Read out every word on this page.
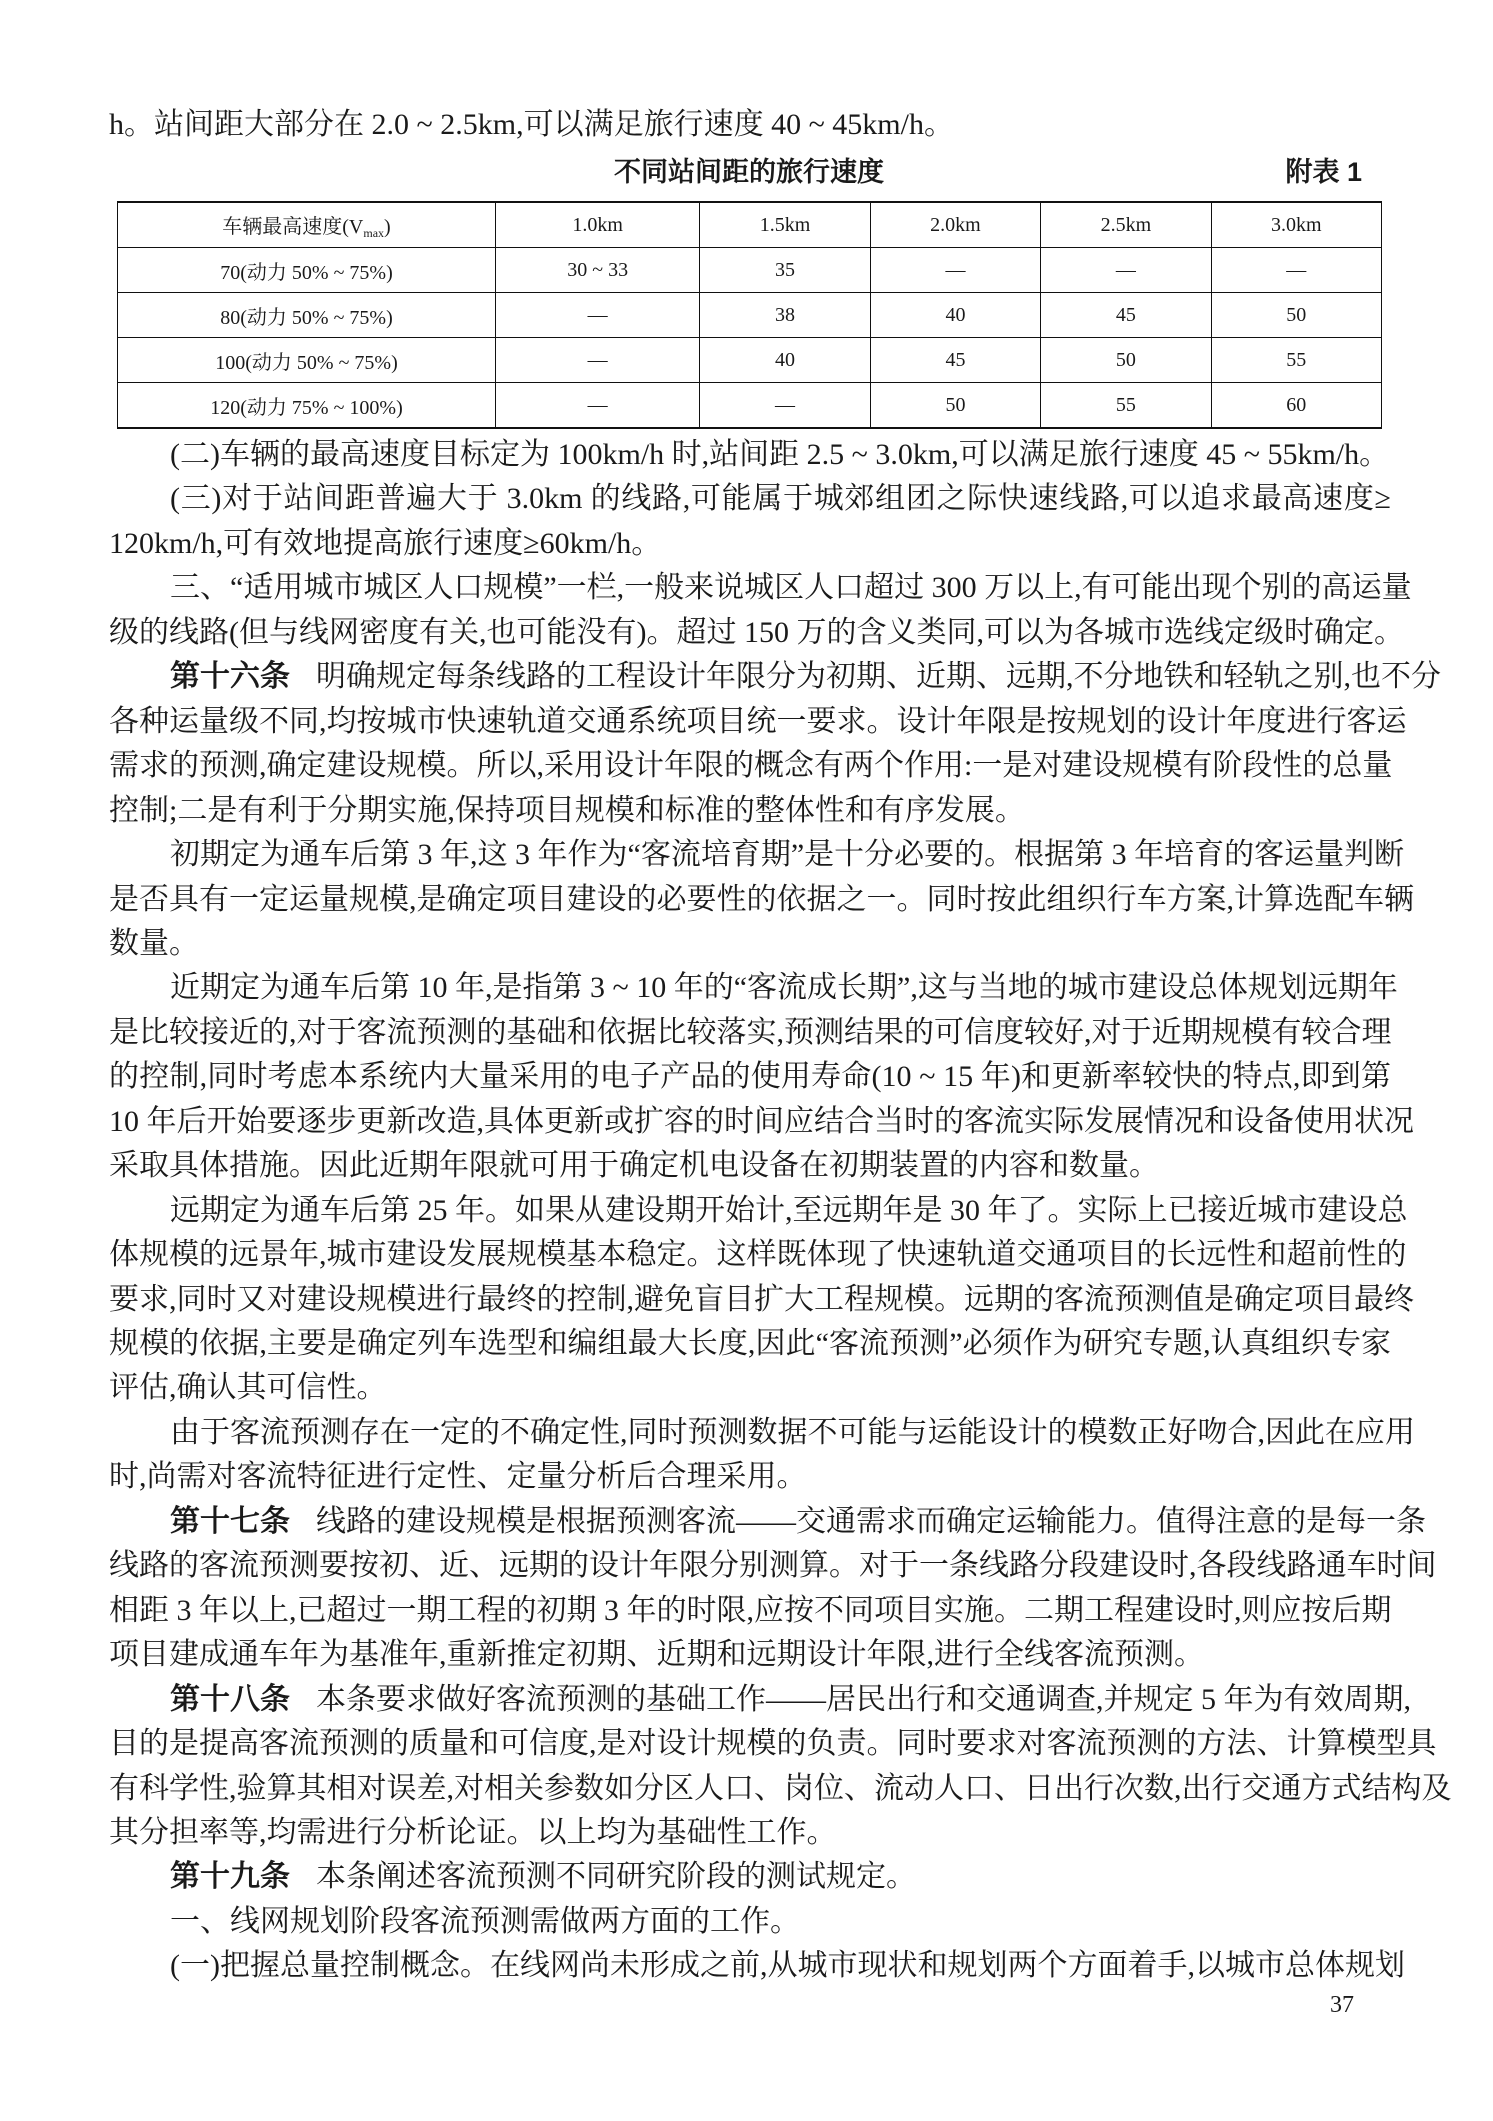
h。站间距大部分在 2.0 ~ 2.5km,可以满足旅行速度 40 ~ 45km/h。
不同站间距的旅行速度	附表 1
车辆最高速度$(V_{max})$	1.0km	1.5km	2.0km	2.5km	3.0km
70(动力 50% ~ 75%)	30 ~ 33	35	—	—	—
80(动力 50% ~ 75%)	—	38	40	45	50
100(动力 50% ~ 75%)	—	40	45	50	55
120(动力 75% ~ 100%)	—	—	50	55	60
(二)车辆的最高速度目标定为 100km/h 时,站间距 2.5 ~ 3.0km,可以满足旅行速度 45 ~ 55km/h。
(三)对于站间距普遍大于 3.0km 的线路,可能属于城郊组团之际快速线路,可以追求最高速度≥
120km/h,可有效地提高旅行速度≥60km/h。
三、“适用城市城区人口规模”一栏,一般来说城区人口超过 300 万以上,有可能出现个别的高运量
级的线路(但与线网密度有关,也可能没有)。超过 150 万的含义类同,可以为各城市选线定级时确定。
第十六条 明确规定每条线路的工程设计年限分为初期、近期、远期,不分地铁和轻轨之别,也不分
各种运量级不同,均按城市快速轨道交通系统项目统一要求。设计年限是按规划的设计年度进行客运
需求的预测,确定建设规模。所以,采用设计年限的概念有两个作用:一是对建设规模有阶段性的总量
控制;二是有利于分期实施,保持项目规模和标准的整体性和有序发展。
初期定为通车后第 3 年,这 3 年作为“客流培育期”是十分必要的。根据第 3 年培育的客运量判断
是否具有一定运量规模,是确定项目建设的必要性的依据之一。同时按此组织行车方案,计算选配车辆
数量。
近期定为通车后第 10 年,是指第 3 ~ 10 年的“客流成长期”,这与当地的城市建设总体规划远期年
是比较接近的,对于客流预测的基础和依据比较落实,预测结果的可信度较好,对于近期规模有较合理
的控制,同时考虑本系统内大量采用的电子产品的使用寿命(10 ~ 15 年)和更新率较快的特点,即到第
10 年后开始要逐步更新改造,具体更新或扩容的时间应结合当时的客流实际发展情况和设备使用状况
采取具体措施。因此近期年限就可用于确定机电设备在初期装置的内容和数量。
远期定为通车后第 25 年。如果从建设期开始计,至远期年是 30 年了。实际上已接近城市建设总
体规模的远景年,城市建设发展规模基本稳定。这样既体现了快速轨道交通项目的长远性和超前性的
要求,同时又对建设规模进行最终的控制,避免盲目扩大工程规模。远期的客流预测值是确定项目最终
规模的依据,主要是确定列车选型和编组最大长度,因此“客流预测”必须作为研究专题,认真组织专家
评估,确认其可信性。
由于客流预测存在一定的不确定性,同时预测数据不可能与运能设计的模数正好吻合,因此在应用
时,尚需对客流特征进行定性、定量分析后合理采用。
第十七条 线路的建设规模是根据预测客流——交通需求而确定运输能力。值得注意的是每一条
线路的客流预测要按初、近、远期的设计年限分别测算。对于一条线路分段建设时,各段线路通车时间
相距 3 年以上,已超过一期工程的初期 3 年的时限,应按不同项目实施。二期工程建设时,则应按后期
项目建成通车年为基准年,重新推定初期、近期和远期设计年限,进行全线客流预测。
第十八条 本条要求做好客流预测的基础工作——居民出行和交通调查,并规定 5 年为有效周期,
目的是提高客流预测的质量和可信度,是对设计规模的负责。同时要求对客流预测的方法、计算模型具
有科学性,验算其相对误差,对相关参数如分区人口、岗位、流动人口、日出行次数,出行交通方式结构及
其分担率等,均需进行分析论证。以上均为基础性工作。
第十九条 本条阐述客流预测不同研究阶段的测试规定。
一、线网规划阶段客流预测需做两方面的工作。
(一)把握总量控制概念。在线网尚未形成之前,从城市现状和规划两个方面着手,以城市总体规划
37
